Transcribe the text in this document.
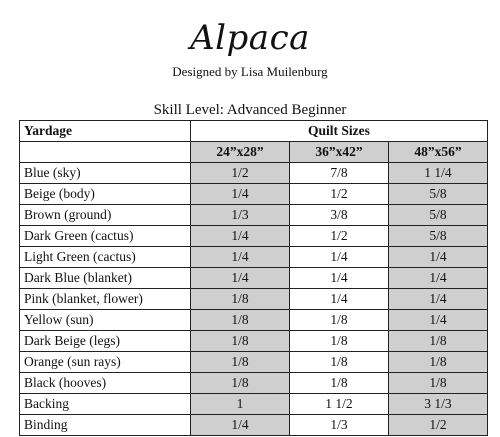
Alpaca
Designed by Lisa Muilenburg
Skill Level: Advanced Beginner
Yardage	Quilt Sizes		
	24”x28”	36”x42”	48”x56”
Blue (sky)	1/2	7/8	1 1/4
Beige (body)	1/4	1/2	5/8
Brown (ground)	1/3	3/8	5/8
Dark Green (cactus)	1/4	1/2	5/8
Light Green (cactus)	1/4	1/4	1/4
Dark Blue (blanket)	1/4	1/4	1/4
Pink (blanket, flower)	1/8	1/4	1/4
Yellow (sun)	1/8	1/8	1/4
Dark Beige (legs)	1/8	1/8	1/8
Orange (sun rays)	1/8	1/8	1/8
Black (hooves)	1/8	1/8	1/8
Backing	1	1 1/2	3 1/3
Binding	1/4	1/3	1/2
